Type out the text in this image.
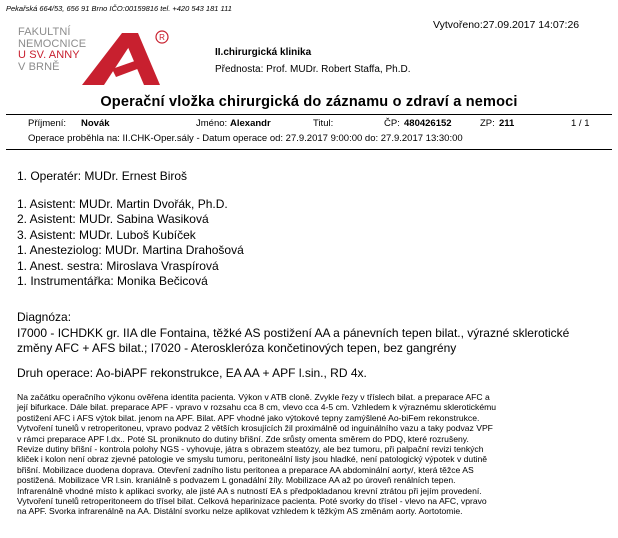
Pekařská 664/53, 656 91 Brno IČO:00159816 tel. +420 543 181 111
Vytvořeno:27.09.2017 14:07:26
FAKULTNÍ
NEMOCNICE
U SV. ANNY
V BRNĚ
R
II.chirurgická klinika
Přednosta: Prof. MUDr. Robert Staffa, Ph.D.
Operační vložka chirurgická do záznamu o zdraví a nemoci
Příjmení: Novák	Jméno: Alexandr	Titul:	ČP: 480426152	ZP: 211	1 / 1
Operace proběhla na: II.CHK-Oper.sály - Datum operace od: 27.9.2017 9:00:00 do: 27.9.2017 13:30:00
1. Operatér: MUDr. Ernest Biroš
1. Asistent: MUDr. Martin Dvořák, Ph.D.
2. Asistent: MUDr. Sabina Wasiková
3. Asistent: MUDr. Luboš Kubíček
1. Anesteziolog: MUDr. Martina Drahošová
1. Anest. sestra: Miroslava Vraspírová
1. Instrumentářka: Monika Bečicová
Diagnóza:
I7000 - ICHDKK gr. IIA dle Fontaina, těžké AS postižení AA a pánevních tepen bilat., výrazné sklerotické
změny AFC + AFS bilat.; I7020 - Ateroskleróza končetinových tepen, bez gangrény
Druh operace: Ao-biAPF rekonstrukce, EA AA + APF l.sin., RD 4x.
Na začátku operačního výkonu ověřena identita pacienta. Výkon v ATB cloně. Zvykle řezy v tříslech bilat. a preparace AFC a
její bifurkace. Dále bilat. preparace APF - vpravo v rozsahu cca 8 cm, vlevo cca 4-5 cm. Vzhledem k výraznému sklerotickému
postižení AFC i AFS výtok bilat. jenom na APF. Bilat. APF vhodné jako výtokové tepny zamýšlené Ao-biFem rekonstrukce.
Vytvoření tunelů v retroperitoneu, vpravo podvaz 2 větších krosujících žil proximálně od inguinálního vazu a taky podvaz VPF
v rámci preparace APF l.dx.. Poté SL proniknuto do dutiny břišní. Zde srůsty omenta směrem do PDQ, které rozrušeny.
Revize dutiny břišní - kontrola polohy NGS - vyhovuje, játra s obrazem steatózy, ale bez tumoru, při palpační revizi tenkých
kliček i kolon není obraz zjevné patologie ve smyslu tumoru, peritoneální listy jsou hladké, není patologický výpotek v dutině
břišní. Mobilizace duodena doprava. Otevření zadního listu peritonea a preparace AA abdominální aorty/, která těžce AS
postižená. Mobilizace VR l.sin. kraniálně s podvazem L gonadální žíly. Mobilizace AA až po úroveň renálních tepen.
Infrarenálně vhodné místo k aplikaci svorky, ale jisté AA s nutností EA s předpokladanou krevní ztrátou při jejím provedení.
Vytvoření tunelů retroperitoneem do třísel bilat. Celková heparinizace pacienta. Poté svorky do třísel - vlevo na AFC, vpravo
na APF. Svorka infrarenálně na AA. Distální svorku nelze aplikovat vzhledem k těžkým AS změnám aorty. Aortotomie.
